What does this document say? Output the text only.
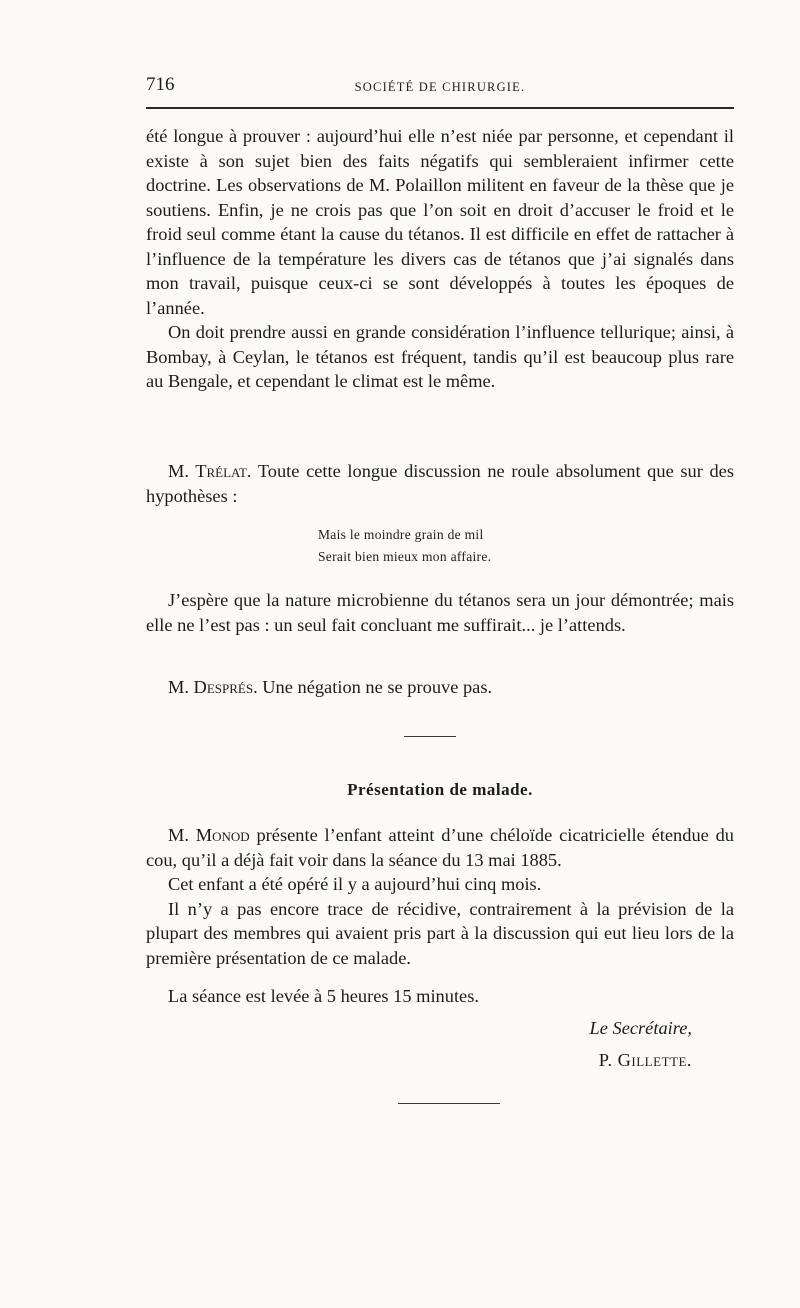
716	SOCIÉTÉ DE CHIRURGIE.

été longue à prouver : aujourd’hui elle n’est niée par personne, et cependant il existe à son sujet bien des faits négatifs qui sembleraient infirmer cette doctrine. Les observations de M. Polaillon militent en faveur de la thèse que je soutiens. Enfin, je ne crois pas que l’on soit en droit d’accuser le froid et le froid seul comme étant la cause du tétanos. Il est difficile en effet de rattacher à l’influence de la température les divers cas de tétanos que j’ai signalés dans mon travail, puisque ceux-ci se sont développés à toutes les époques de l’année.

On doit prendre aussi en grande considération l’influence tellurique; ainsi, à Bombay, à Ceylan, le tétanos est fréquent, tandis qu’il est beaucoup plus rare au Bengale, et cependant le climat est le même.

M. Trélat. Toute cette longue discussion ne roule absolument que sur des hypothèses :

Mais le moindre grain de mil
Serait bien mieux mon affaire.

J’espère que la nature microbienne du tétanos sera un jour démontrée; mais elle ne l’est pas : un seul fait concluant me suffirait... je l’attends.

M. Després. Une négation ne se prouve pas.

Présentation de malade.

M. Monod présente l’enfant atteint d’une chéloïde cicatricielle étendue du cou, qu’il a déjà fait voir dans la séance du 13 mai 1885.

Cet enfant a été opéré il y a aujourd’hui cinq mois.

Il n’y a pas encore trace de récidive, contrairement à la prévision de la plupart des membres qui avaient pris part à la discussion qui eut lieu lors de la première présentation de ce malade.

La séance est levée à 5 heures 15 minutes.

Le Secrétaire,
P. Gillette.
